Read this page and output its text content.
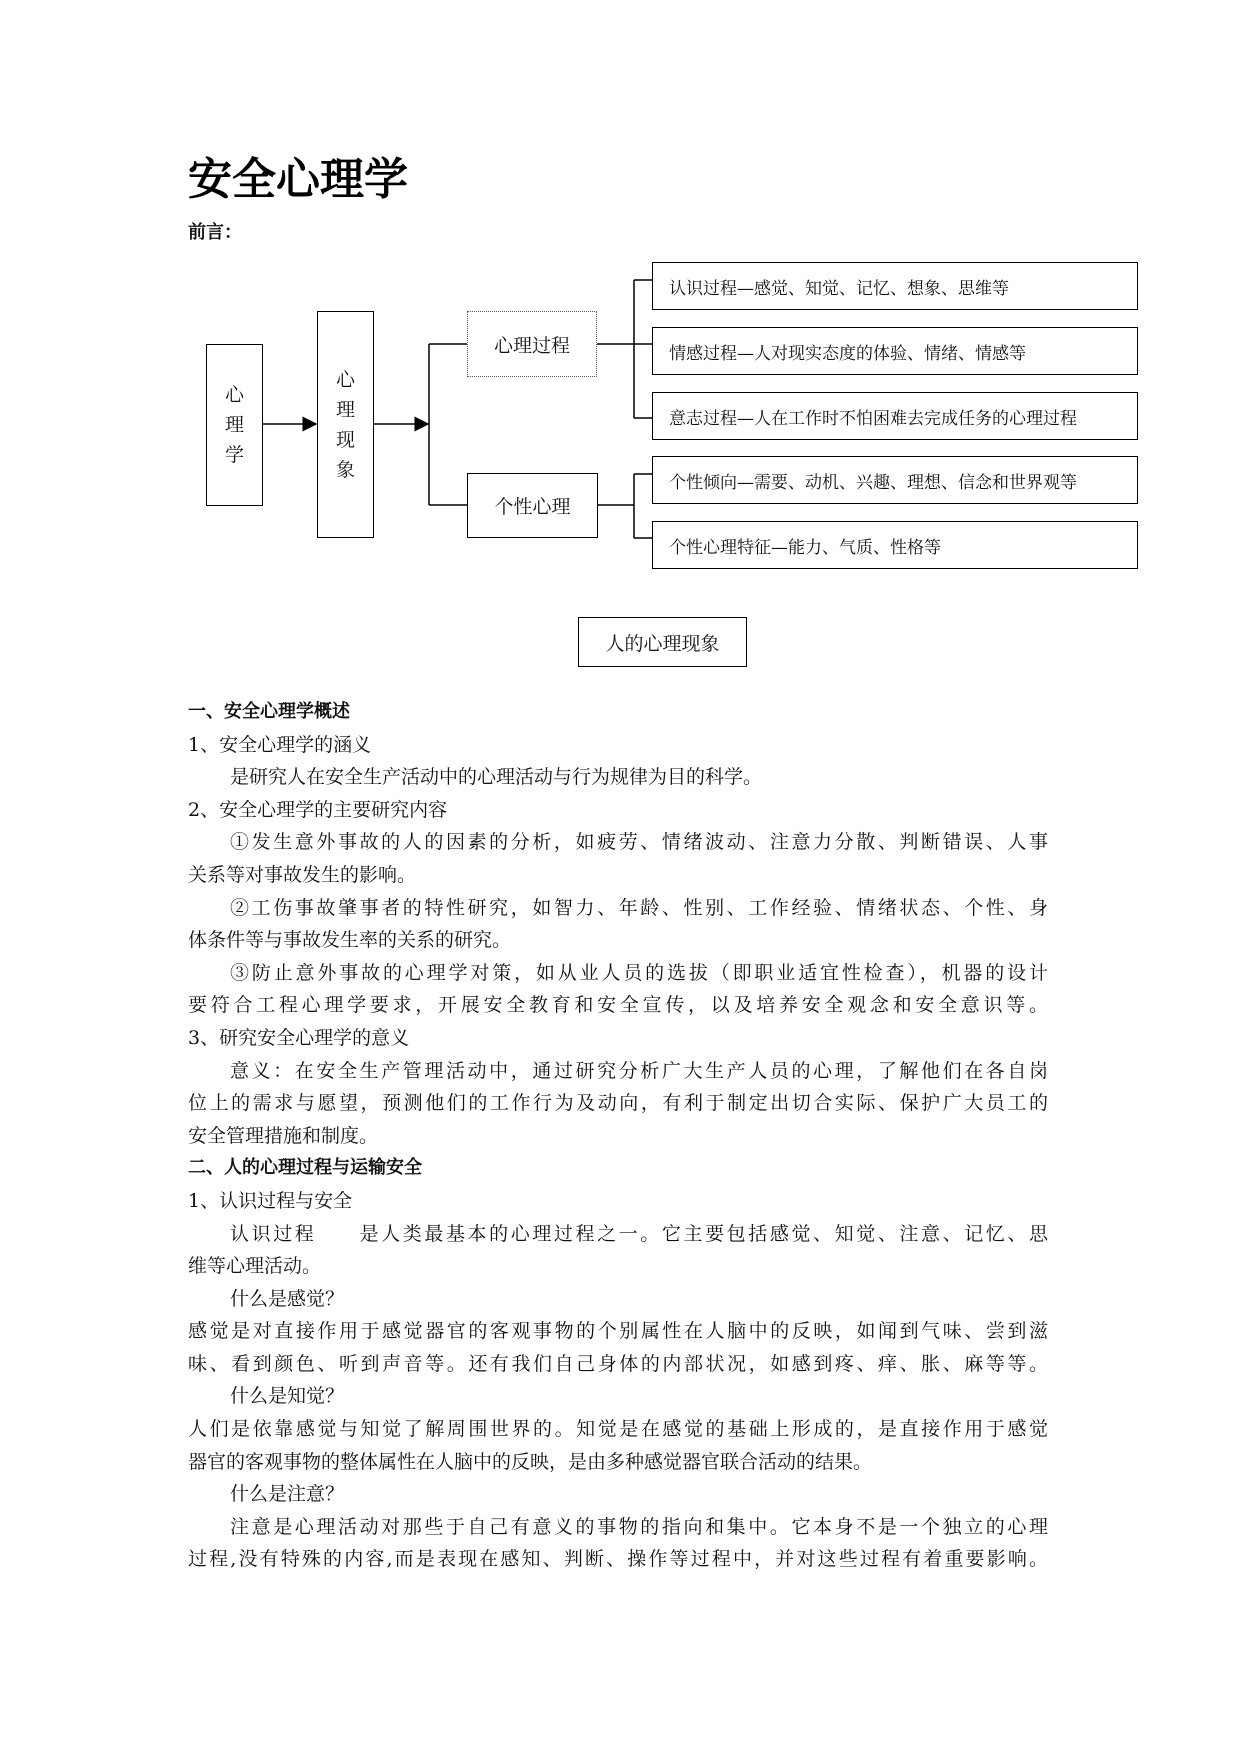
安全心理学
前言：
心
理
学
心
理
现
象
心理过程
个性心理
认识过程—感觉、知觉、记忆、想象、思维等
情感过程—人对现实态度的体验、情绪、情感等
意志过程—人在工作时不怕困难去完成任务的心理过程
个性倾向—需要、动机、兴趣、理想、信念和世界观等
个性心理特征—能力、气质、性格等
人的心理现象
一、安全心理学概述
1、安全心理学的涵义
是研究人在安全生产活动中的心理活动与行为规律为目的科学。
2、安全心理学的主要研究内容
①发生意外事故的人的因素的分析，如疲劳、情绪波动、注意力分散、判断错误、人事
关系等对事故发生的影响。
②工伤事故肇事者的特性研究，如智力、年龄、性别、工作经验、情绪状态、个性、身
体条件等与事故发生率的关系的研究。
③防止意外事故的心理学对策，如从业人员的选拔（即职业适宜性检查），机器的设计
要符合工程心理学要求，开展安全教育和安全宣传，以及培养安全观念和安全意识等。
3、研究安全心理学的意义
意义：在安全生产管理活动中，通过研究分析广大生产人员的心理，了解他们在各自岗
位上的需求与愿望，预测他们的工作行为及动向，有利于制定出切合实际、保护广大员工的
安全管理措施和制度。
二、人的心理过程与运输安全
1、认识过程与安全
认识过程　　是人类最基本的心理过程之一。它主要包括感觉、知觉、注意、记忆、思
维等心理活动。
什么是感觉？
感觉是对直接作用于感觉器官的客观事物的个别属性在人脑中的反映，如闻到气味、尝到滋
味、看到颜色、听到声音等。还有我们自己身体的内部状况，如感到疼、痒、胀、麻等等。
什么是知觉？
人们是依靠感觉与知觉了解周围世界的。知觉是在感觉的基础上形成的，是直接作用于感觉
器官的客观事物的整体属性在人脑中的反映，是由多种感觉器官联合活动的结果。
什么是注意？
注意是心理活动对那些于自己有意义的事物的指向和集中。它本身不是一个独立的心理
过程,没有特殊的内容,而是表现在感知、判断、操作等过程中，并对这些过程有着重要影响。
